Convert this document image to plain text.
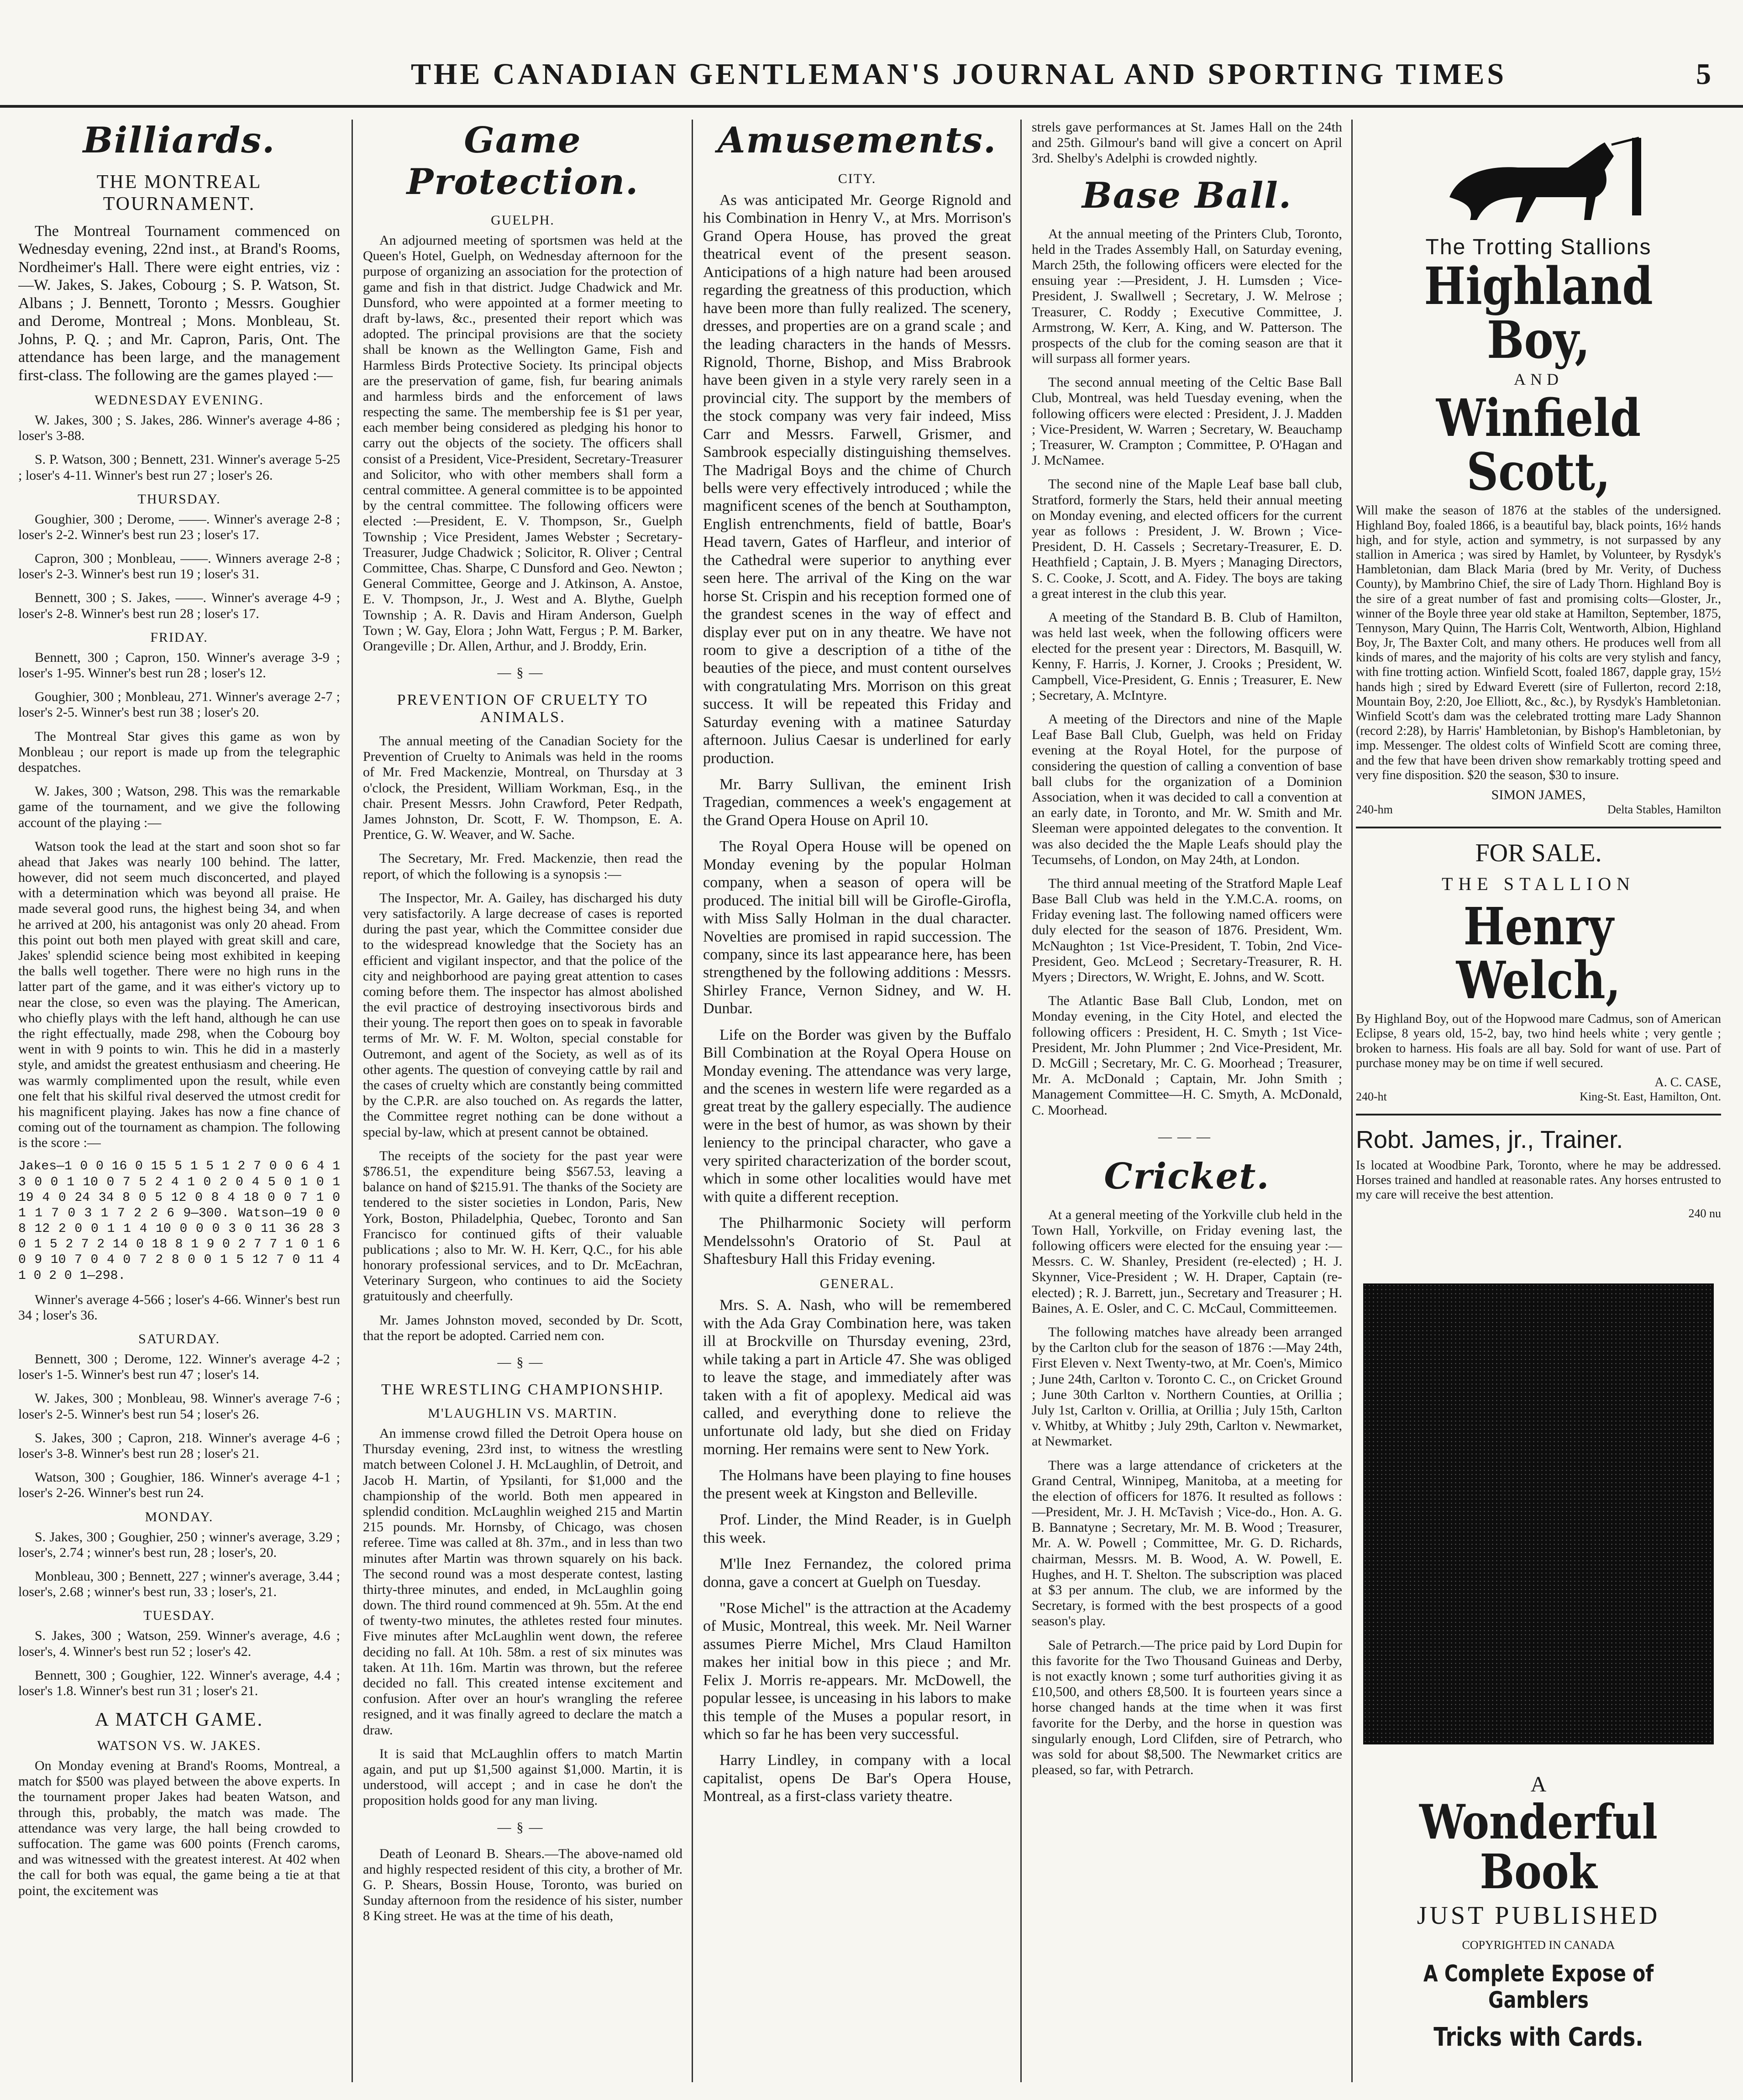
THE CANADIAN GENTLEMAN'S JOURNAL AND SPORTING TIMES	5
Billiards.
THE MONTREAL TOURNAMENT.

The Montreal Tournament commenced on Wednesday evening, 22nd inst., at Brand's Rooms, Nordheimer's Hall. There were eight entries, viz :—W. Jakes, S. Jakes, Cobourg ; S. P. Watson, St. Albans ; J. Bennett, Toronto ; Messrs. Goughier and Derome, Montreal ; Mons. Monbleau, St. Johns, P. Q. ; and Mr. Capron, Paris, Ont. The attendance has been large, and the management first-class. The following are the games played :—

WEDNESDAY EVENING.

W. Jakes, 300 ; S. Jakes, 286. Winner's average 4-86 ; loser's 3-88.

S. P. Watson, 300 ; Bennett, 231. Winner's average 5-25 ; loser's 4-11. Winner's best run 27 ; loser's 26.

THURSDAY.

Goughier, 300 ; Derome, ——. Winner's average 2-8 ; loser's 2-2. Winner's best run 23 ; loser's 17.

Capron, 300 ; Monbleau, ——. Winners average 2-8 ; loser's 2-3. Winner's best run 19 ; loser's 31.

Bennett, 300 ; S. Jakes, ——. Winner's average 4-9 ; loser's 2-8. Winner's best run 28 ; loser's 17.

FRIDAY.

Bennett, 300 ; Capron, 150. Winner's average 3-9 ; loser's 1-95. Winner's best run 28 ; loser's 12.

Goughier, 300 ; Monbleau, 271. Winner's average 2-7 ; loser's 2-5. Winner's best run 38 ; loser's 20.

The Montreal Star gives this game as won by Monbleau ; our report is made up from the telegraphic despatches.

W. Jakes, 300 ; Watson, 298. This was the remarkable game of the tournament, and we give the following account of the playing :—

Watson took the lead at the start and soon shot so far ahead that Jakes was nearly 100 behind. The latter, however, did not seem much disconcerted, and played with a determination which was beyond all praise. He made several good runs, the highest being 34, and when he arrived at 200, his antagonist was only 20 ahead. From this point out both men played with great skill and care, Jakes' splendid science being most exhibited in keeping the balls well together. There were no high runs in the latter part of the game, and it was either's victory up to near the close, so even was the playing. The American, who chiefly plays with the left hand, although he can use the right effectually, made 298, when the Cobourg boy went in with 9 points to win. This he did in a masterly style, and amidst the greatest enthusiasm and cheering. He was warmly complimented upon the result, while even one felt that his skilful rival deserved the utmost credit for his magnificent playing. Jakes has now a fine chance of coming out of the tournament as champion. The following is the score :—

Jakes—1 0 0 16 0 15 5 1 5 1 2 7 0 0 6 4 1 3 0 0 1 10 0 7 5 2 4 1 0 2 0 4 5 0 1 0 1 19 4 0 24 34 8 0 5 12 0 8 4 18 0 0 7 1 0 1 1 7 0 3 1 7 2 2 6 9—300. Watson—19 0 0 8 12 2 0 0 1 1 4 10 0 0 0 3 0 11 36 28 3 0 1 5 2 7 2 14 0 18 8 1 9 0 2 7 7 1 0 1 6 0 9 10 7 0 4 0 7 2 8 0 0 1 5 12 7 0 11 4 1 0 2 0 1—298.

Winner's average 4-566 ; loser's 4-66. Winner's best run 34 ; loser's 36.

SATURDAY.

Bennett, 300 ; Derome, 122. Winner's average 4-2 ; loser's 1-5. Winner's best run 47 ; loser's 14.

W. Jakes, 300 ; Monbleau, 98. Winner's average 7-6 ; loser's 2-5. Winner's best run 54 ; loser's 26.

S. Jakes, 300 ; Capron, 218. Winner's average 4-6 ; loser's 3-8. Winner's best run 28 ; loser's 21.

Watson, 300 ; Goughier, 186. Winner's average 4-1 ; loser's 2-26. Winner's best run 24.

MONDAY.

S. Jakes, 300 ; Goughier, 250 ; winner's average, 3.29 ; loser's, 2.74 ; winner's best run, 28 ; loser's, 20.

Monbleau, 300 ; Bennett, 227 ; winner's average, 3.44 ; loser's, 2.68 ; winner's best run, 33 ; loser's, 21.

TUESDAY.

S. Jakes, 300 ; Watson, 259. Winner's average, 4.6 ; loser's, 4. Winner's best run 52 ; loser's 42.

Bennett, 300 ; Goughier, 122. Winner's average, 4.4 ; loser's 1.8. Winner's best run 31 ; loser's 21.

A MATCH GAME.
WATSON VS. W. JAKES.

On Monday evening at Brand's Rooms, Montreal, a match for $500 was played between the above experts. In the tournament proper Jakes had beaten Watson, and through this, probably, the match was made. The attendance was very large, the hall being crowded to suffocation. The game was 600 points (French caroms, and was witnessed with the greatest interest. At 402 when the call for both was equal, the game being a tie at that point, the excitement was

Game Protection.
GUELPH.

An adjourned meeting of sportsmen was held at the Queen's Hotel, Guelph, on Wednesday afternoon for the purpose of organizing an association for the protection of game and fish in that district. Judge Chadwick and Mr. Dunsford, who were appointed at a former meeting to draft by-laws, &c., presented their report which was adopted. The principal provisions are that the society shall be known as the Wellington Game, Fish and Harmless Birds Protective Society. Its principal objects are the preservation of game, fish, fur bearing animals and harmless birds and the enforcement of laws respecting the same. The membership fee is $1 per year, each member being considered as pledging his honor to carry out the objects of the society. The officers shall consist of a President, Vice-President, Secretary-Treasurer and Solicitor, who with other members shall form a central committee. A general committee is to be appointed by the central committee. The following officers were elected :—President, E. V. Thompson, Sr., Guelph Township ; Vice President, James Webster ; Secretary-Treasurer, Judge Chadwick ; Solicitor, R. Oliver ; Central Committee, Chas. Sharpe, C Dunsford and Geo. Newton ; General Committee, George and J. Atkinson, A. Anstoe, E. V. Thompson, Jr., J. West and A. Blythe, Guelph Township ; A. R. Davis and Hiram Anderson, Guelph Town ; W. Gay, Elora ; John Watt, Fergus ; P. M. Barker, Orangeville ; Dr. Allen, Arthur, and J. Broddy, Erin.

—§—
PREVENTION OF CRUELTY TO ANIMALS.

The annual meeting of the Canadian Society for the Prevention of Cruelty to Animals was held in the rooms of Mr. Fred Mackenzie, Montreal, on Thursday at 3 o'clock, the President, William Workman, Esq., in the chair. Present Messrs. John Crawford, Peter Redpath, James Johnston, Dr. Scott, F. W. Thompson, E. A. Prentice, G. W. Weaver, and W. Sache.

The Secretary, Mr. Fred. Mackenzie, then read the report, of which the following is a synopsis :—

The Inspector, Mr. A. Gailey, has discharged his duty very satisfactorily. A large decrease of cases is reported during the past year, which the Committee consider due to the widespread knowledge that the Society has an efficient and vigilant inspector, and that the police of the city and neighborhood are paying great attention to cases coming before them. The inspector has almost abolished the evil practice of destroying insectivorous birds and their young. The report then goes on to speak in favorable terms of Mr. W. F. M. Wolton, special constable for Outremont, and agent of the Society, as well as of its other agents. The question of conveying cattle by rail and the cases of cruelty which are constantly being committed by the C.P.R. are also touched on. As regards the latter, the Committee regret nothing can be done without a special by-law, which at present cannot be obtained.

The receipts of the society for the past year were $786.51, the expenditure being $567.53, leaving a balance on hand of $215.91. The thanks of the Society are tendered to the sister societies in London, Paris, New York, Boston, Philadelphia, Quebec, Toronto and San Francisco for continued gifts of their valuable publications ; also to Mr. W. H. Kerr, Q.C., for his able honorary professional services, and to Dr. McEachran, Veterinary Surgeon, who continues to aid the Society gratuitously and cheerfully.

Mr. James Johnston moved, seconded by Dr. Scott, that the report be adopted. Carried nem con.

—§—
THE WRESTLING CHAMPIONSHIP.
M'LAUGHLIN VS. MARTIN.

An immense crowd filled the Detroit Opera house on Thursday evening, 23rd inst, to witness the wrestling match between Colonel J. H. McLaughlin, of Detroit, and Jacob H. Martin, of Ypsilanti, for $1,000 and the championship of the world. Both men appeared in splendid condition. McLaughlin weighed 215 and Martin 215 pounds. Mr. Hornsby, of Chicago, was chosen referee. Time was called at 8h. 37m., and in less than two minutes after Martin was thrown squarely on his back. The second round was a most desperate contest, lasting thirty-three minutes, and ended, in McLaughlin going down. The third round commenced at 9h. 55m. At the end of twenty-two minutes, the athletes rested four minutes. Five minutes after McLaughlin went down, the referee deciding no fall. At 10h. 58m. a rest of six minutes was taken. At 11h. 16m. Martin was thrown, but the referee decided no fall. This created intense excitement and confusion. After over an hour's wrangling the referee resigned, and it was finally agreed to declare the match a draw.

It is said that McLaughlin offers to match Martin again, and put up $1,500 against $1,000. Martin, it is understood, will accept ; and in case he don't the proposition holds good for any man living.

—§—

Death of Leonard B. Shears.—The above-named old and highly respected resident of this city, a brother of Mr. G. P. Shears, Bossin House, Toronto, was buried on Sunday afternoon from the residence of his sister, number 8 King street. He was at the time of his death,

Amusements.
CITY.

As was anticipated Mr. George Rignold and his Combination in Henry V., at Mrs. Morrison's Grand Opera House, has proved the great theatrical event of the present season. Anticipations of a high nature had been aroused regarding the greatness of this production, which have been more than fully realized. The scenery, dresses, and properties are on a grand scale ; and the leading characters in the hands of Messrs. Rignold, Thorne, Bishop, and Miss Brabrook have been given in a style very rarely seen in a provincial city. The support by the members of the stock company was very fair indeed, Miss Carr and Messrs. Farwell, Grismer, and Sambrook especially distinguishing themselves. The Madrigal Boys and the chime of Church bells were very effectively introduced ; while the magnificent scenes of the bench at Southampton, English entrenchments, field of battle, Boar's Head tavern, Gates of Harfleur, and interior of the Cathedral were superior to anything ever seen here. The arrival of the King on the war horse St. Crispin and his reception formed one of the grandest scenes in the way of effect and display ever put on in any theatre. We have not room to give a description of a tithe of the beauties of the piece, and must content ourselves with congratulating Mrs. Morrison on this great success. It will be repeated this Friday and Saturday evening with a matinee Saturday afternoon. Julius Caesar is underlined for early production.

Mr. Barry Sullivan, the eminent Irish Tragedian, commences a week's engagement at the Grand Opera House on April 10.

The Royal Opera House will be opened on Monday evening by the popular Holman company, when a season of opera will be produced. The initial bill will be Girofle-Girofla, with Miss Sally Holman in the dual character. Novelties are promised in rapid succession. The company, since its last appearance here, has been strengthened by the following additions : Messrs. Shirley France, Vernon Sidney, and W. H. Dunbar.

Life on the Border was given by the Buffalo Bill Combination at the Royal Opera House on Monday evening. The attendance was very large, and the scenes in western life were regarded as a great treat by the gallery especially. The audience were in the best of humor, as was shown by their leniency to the principal character, who gave a very spirited characterization of the border scout, which in some other localities would have met with quite a different reception.

The Philharmonic Society will perform Mendelssohn's Oratorio of St. Paul at Shaftesbury Hall this Friday evening.

GENERAL.

Mrs. S. A. Nash, who will be remembered with the Ada Gray Combination here, was taken ill at Brockville on Thursday evening, 23rd, while taking a part in Article 47. She was obliged to leave the stage, and immediately after was taken with a fit of apoplexy. Medical aid was called, and everything done to relieve the unfortunate old lady, but she died on Friday morning. Her remains were sent to New York.

The Holmans have been playing to fine houses the present week at Kingston and Belleville.

Prof. Linder, the Mind Reader, is in Guelph this week.

M'lle Inez Fernandez, the colored prima donna, gave a concert at Guelph on Tuesday.

"Rose Michel" is the attraction at the Academy of Music, Montreal, this week. Mr. Neil Warner assumes Pierre Michel, Mrs Claud Hamilton makes her initial bow in this piece ; and Mr. Felix J. Morris re-appears. Mr. McDowell, the popular lessee, is unceasing in his labors to make this temple of the Muses a popular resort, in which so far he has been very successful.

Harry Lindley, in company with a local capitalist, opens De Bar's Opera House, Montreal, as a first-class variety theatre.

strels gave performances at St. James Hall on the 24th and 25th. Gilmour's band will give a concert on April 3rd. Shelby's Adelphi is crowded nightly.

Base Ball.

At the annual meeting of the Printers Club, Toronto, held in the Trades Assembly Hall, on Saturday evening, March 25th, the following officers were elected for the ensuing year :—President, J. H. Lumsden ; Vice-President, J. Swallwell ; Secretary, J. W. Melrose ; Treasurer, C. Roddy ; Executive Committee, J. Armstrong, W. Kerr, A. King, and W. Patterson. The prospects of the club for the coming season are that it will surpass all former years.

The second annual meeting of the Celtic Base Ball Club, Montreal, was held Tuesday evening, when the following officers were elected : President, J. J. Madden ; Vice-President, W. Warren ; Secretary, W. Beauchamp ; Treasurer, W. Crampton ; Committee, P. O'Hagan and J. McNamee.

The second nine of the Maple Leaf base ball club, Stratford, formerly the Stars, held their annual meeting on Monday evening, and elected officers for the current year as follows : President, J. W. Brown ; Vice-President, D. H. Cassels ; Secretary-Treasurer, E. D. Heathfield ; Captain, J. B. Myers ; Managing Directors, S. C. Cooke, J. Scott, and A. Fidey. The boys are taking a great interest in the club this year.

A meeting of the Standard B. B. Club of Hamilton, was held last week, when the following officers were elected for the present year : Directors, M. Basquill, W. Kenny, F. Harris, J. Korner, J. Crooks ; President, W. Campbell, Vice-President, G. Ennis ; Treasurer, E. New ; Secretary, A. McIntyre.

A meeting of the Directors and nine of the Maple Leaf Base Ball Club, Guelph, was held on Friday evening at the Royal Hotel, for the purpose of considering the question of calling a convention of base ball clubs for the organization of a Dominion Association, when it was decided to call a convention at an early date, in Toronto, and Mr. W. Smith and Mr. Sleeman were appointed delegates to the convention. It was also decided the the Maple Leafs should play the Tecumsehs, of London, on May 24th, at London.

The third annual meeting of the Stratford Maple Leaf Base Ball Club was held in the Y.M.C.A. rooms, on Friday evening last. The following named officers were duly elected for the season of 1876. President, Wm. McNaughton ; 1st Vice-President, T. Tobin, 2nd Vice-President, Geo. McLeod ; Secretary-Treasurer, R. H. Myers ; Directors, W. Wright, E. Johns, and W. Scott.

The Atlantic Base Ball Club, London, met on Monday evening, in the City Hotel, and elected the following officers : President, H. C. Smyth ; 1st Vice-President, Mr. John Plummer ; 2nd Vice-President, Mr. D. McGill ; Secretary, Mr. C. G. Moorhead ; Treasurer, Mr. A. McDonald ; Captain, Mr. John Smith ; Management Committee—H. C. Smyth, A. McDonald, C. Moorhead.

———
Cricket.

At a general meeting of the Yorkville club held in the Town Hall, Yorkville, on Friday evening last, the following officers were elected for the ensuing year :—Messrs. C. W. Shanley, President (re-elected) ; H. J. Skynner, Vice-President ; W. H. Draper, Captain (re-elected) ; R. J. Barrett, jun., Secretary and Treasurer ; H. Baines, A. E. Osler, and C. C. McCaul, Committeemen.

The following matches have already been arranged by the Carlton club for the season of 1876 :—May 24th, First Eleven v. Next Twenty-two, at Mr. Coen's, Mimico ; June 24th, Carlton v. Toronto C. C., on Cricket Ground ; June 30th Carlton v. Northern Counties, at Orillia ; July 1st, Carlton v. Orillia, at Orillia ; July 15th, Carlton v. Whitby, at Whitby ; July 29th, Carlton v. Newmarket, at Newmarket.

There was a large attendance of cricketers at the Grand Central, Winnipeg, Manitoba, at a meeting for the election of officers for 1876. It resulted as follows :—President, Mr. J. H. McTavish ; Vice-do., Hon. A. G. B. Bannatyne ; Secretary, Mr. M. B. Wood ; Treasurer, Mr. A. W. Powell ; Committee, Mr. G. D. Richards, chairman, Messrs. M. B. Wood, A. W. Powell, E. Hughes, and H. T. Shelton. The subscription was placed at $3 per annum. The club, we are informed by the Secretary, is formed with the best prospects of a good season's play.

Sale of Petrarch.—The price paid by Lord Dupin for this favorite for the Two Thousand Guineas and Derby, is not exactly known ; some turf authorities giving it as £10,500, and others £8,500. It is fourteen years since a horse changed hands at the time when it was first favorite for the Derby, and the horse in question was singularly enough, Lord Clifden, sire of Petrarch, who was sold for about $8,500. The Newmarket critics are pleased, so far, with Petrarch.

The Trotting Stallions
Highland Boy,
AND
Winfield Scott,

Will make the season of 1876 at the stables of the undersigned. Highland Boy, foaled 1866, is a beautiful bay, black points, 16½ hands high, and for style, action and symmetry, is not surpassed by any stallion in America ; was sired by Hamlet, by Volunteer, by Rysdyk's Hambletonian, dam Black Maria (bred by Mr. Verity, of Duchess County), by Mambrino Chief, the sire of Lady Thorn. Highland Boy is the sire of a great number of fast and promising colts—Gloster, Jr., winner of the Boyle three year old stake at Hamilton, September, 1875, Tennyson, Mary Quinn, The Harris Colt, Wentworth, Albion, Highland Boy, Jr, The Baxter Colt, and many others. He produces well from all kinds of mares, and the majority of his colts are very stylish and fancy, with fine trotting action. Winfield Scott, foaled 1867, dapple gray, 15½ hands high ; sired by Edward Everett (sire of Fullerton, record 2:18, Mountain Boy, 2:20, Joe Elliott, &c., &c.), by Rysdyk's Hambletonian. Winfield Scott's dam was the celebrated trotting mare Lady Shannon (record 2:28), by Harris' Hambletonian, by Bishop's Hambletonian, by imp. Messenger. The oldest colts of Winfield Scott are coming three, and the few that have been driven show remarkably trotting speed and very fine disposition. $20 the season, $30 to insure.

SIMON JAMES,
240-hm	Delta Stables, Hamilton
FOR SALE.
THE STALLION
Henry Welch,

By Highland Boy, out of the Hopwood mare Cadmus, son of American Eclipse, 8 years old, 15-2, bay, two hind heels white ; very gentle ; broken to harness. His foals are all bay. Sold for want of use. Part of purchase money may be on time if well secured.

A. C. CASE,
240-ht	King-St. East, Hamilton, Ont.
Robt. James, jr., Trainer.

Is located at Woodbine Park, Toronto, where he may be addressed. Horses trained and handled at reasonable rates. Any horses entrusted to my care will receive the best attention.

240 nu
A
Wonderful Book
JUST PUBLISHED
COPYRIGHTED IN CANADA
A Complete Expose of Gamblers
Tricks with Cards.
